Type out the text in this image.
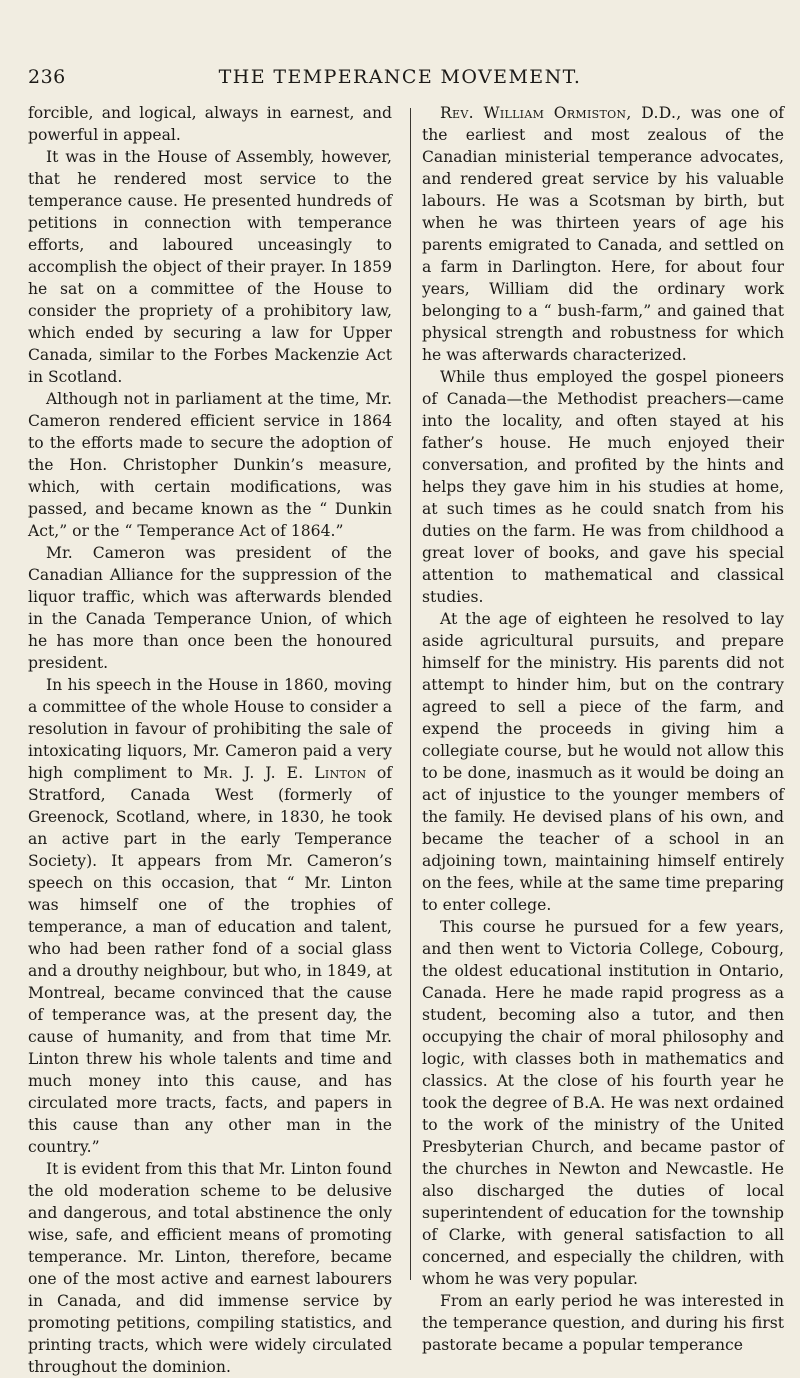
236	THE TEMPERANCE MOVEMENT.

forcible, and logical, always in earnest, and powerful in appeal.

It was in the House of Assembly, however, that he rendered most service to the temperance cause. He presented hundreds of petitions in connection with temperance efforts, and laboured unceasingly to accomplish the object of their prayer. In 1859 he sat on a committee of the House to consider the propriety of a prohibitory law, which ended by securing a law for Upper Canada, similar to the Forbes Mackenzie Act in Scotland.

Although not in parliament at the time, Mr. Cameron rendered efficient service in 1864 to the efforts made to secure the adoption of the Hon. Christopher Dunkin’s measure, which, with certain modifications, was passed, and became known as the “ Dunkin Act,” or the “ Temperance Act of 1864.”

Mr. Cameron was president of the Canadian Alliance for the suppression of the liquor traffic, which was afterwards blended in the Canada Temperance Union, of which he has more than once been the honoured president.

In his speech in the House in 1860, moving a committee of the whole House to consider a resolution in favour of prohibiting the sale of intoxicating liquors, Mr. Cameron paid a very high compliment to Mr. J. J. E. Linton of Stratford, Canada West (formerly of Greenock, Scotland, where, in 1830, he took an active part in the early Temperance Society). It appears from Mr. Cameron’s speech on this occasion, that “ Mr. Linton was himself one of the trophies of temperance, a man of education and talent, who had been rather fond of a social glass and a drouthy neighbour, but who, in 1849, at Montreal, became convinced that the cause of temperance was, at the present day, the cause of humanity, and from that time Mr. Linton threw his whole talents and time and much money into this cause, and has circulated more tracts, facts, and papers in this cause than any other man in the country.”

It is evident from this that Mr. Linton found the old moderation scheme to be delusive and dangerous, and total abstinence the only wise, safe, and efficient means of promoting temperance. Mr. Linton, therefore, became one of the most active and earnest labourers in Canada, and did immense service by promoting petitions, compiling statistics, and printing tracts, which were widely circulated throughout the dominion.

Rev. William Ormiston, D.D., was one of the earliest and most zealous of the Canadian ministerial temperance advocates, and rendered great service by his valuable labours. He was a Scotsman by birth, but when he was thirteen years of age his parents emigrated to Canada, and settled on a farm in Darlington. Here, for about four years, William did the ordinary work belonging to a “ bush-farm,” and gained that physical strength and robustness for which he was afterwards characterized.

While thus employed the gospel pioneers of Canada—the Methodist preachers—came into the locality, and often stayed at his father’s house. He much enjoyed their conversation, and profited by the hints and helps they gave him in his studies at home, at such times as he could snatch from his duties on the farm. He was from childhood a great lover of books, and gave his special attention to mathematical and classical studies.

At the age of eighteen he resolved to lay aside agricultural pursuits, and prepare himself for the ministry. His parents did not attempt to hinder him, but on the contrary agreed to sell a piece of the farm, and expend the proceeds in giving him a collegiate course, but he would not allow this to be done, inasmuch as it would be doing an act of injustice to the younger members of the family. He devised plans of his own, and became the teacher of a school in an adjoining town, maintaining himself entirely on the fees, while at the same time preparing to enter college.

This course he pursued for a few years, and then went to Victoria College, Cobourg, the oldest educational institution in Ontario, Canada. Here he made rapid progress as a student, becoming also a tutor, and then occupying the chair of moral philosophy and logic, with classes both in mathematics and classics. At the close of his fourth year he took the degree of B.A. He was next ordained to the work of the ministry of the United Presbyterian Church, and became pastor of the churches in Newton and Newcastle. He also discharged the duties of local superintendent of education for the township of Clarke, with general satisfaction to all concerned, and especially the children, with whom he was very popular.

From an early period he was interested in the temperance question, and during his first pastorate became a popular temperance
